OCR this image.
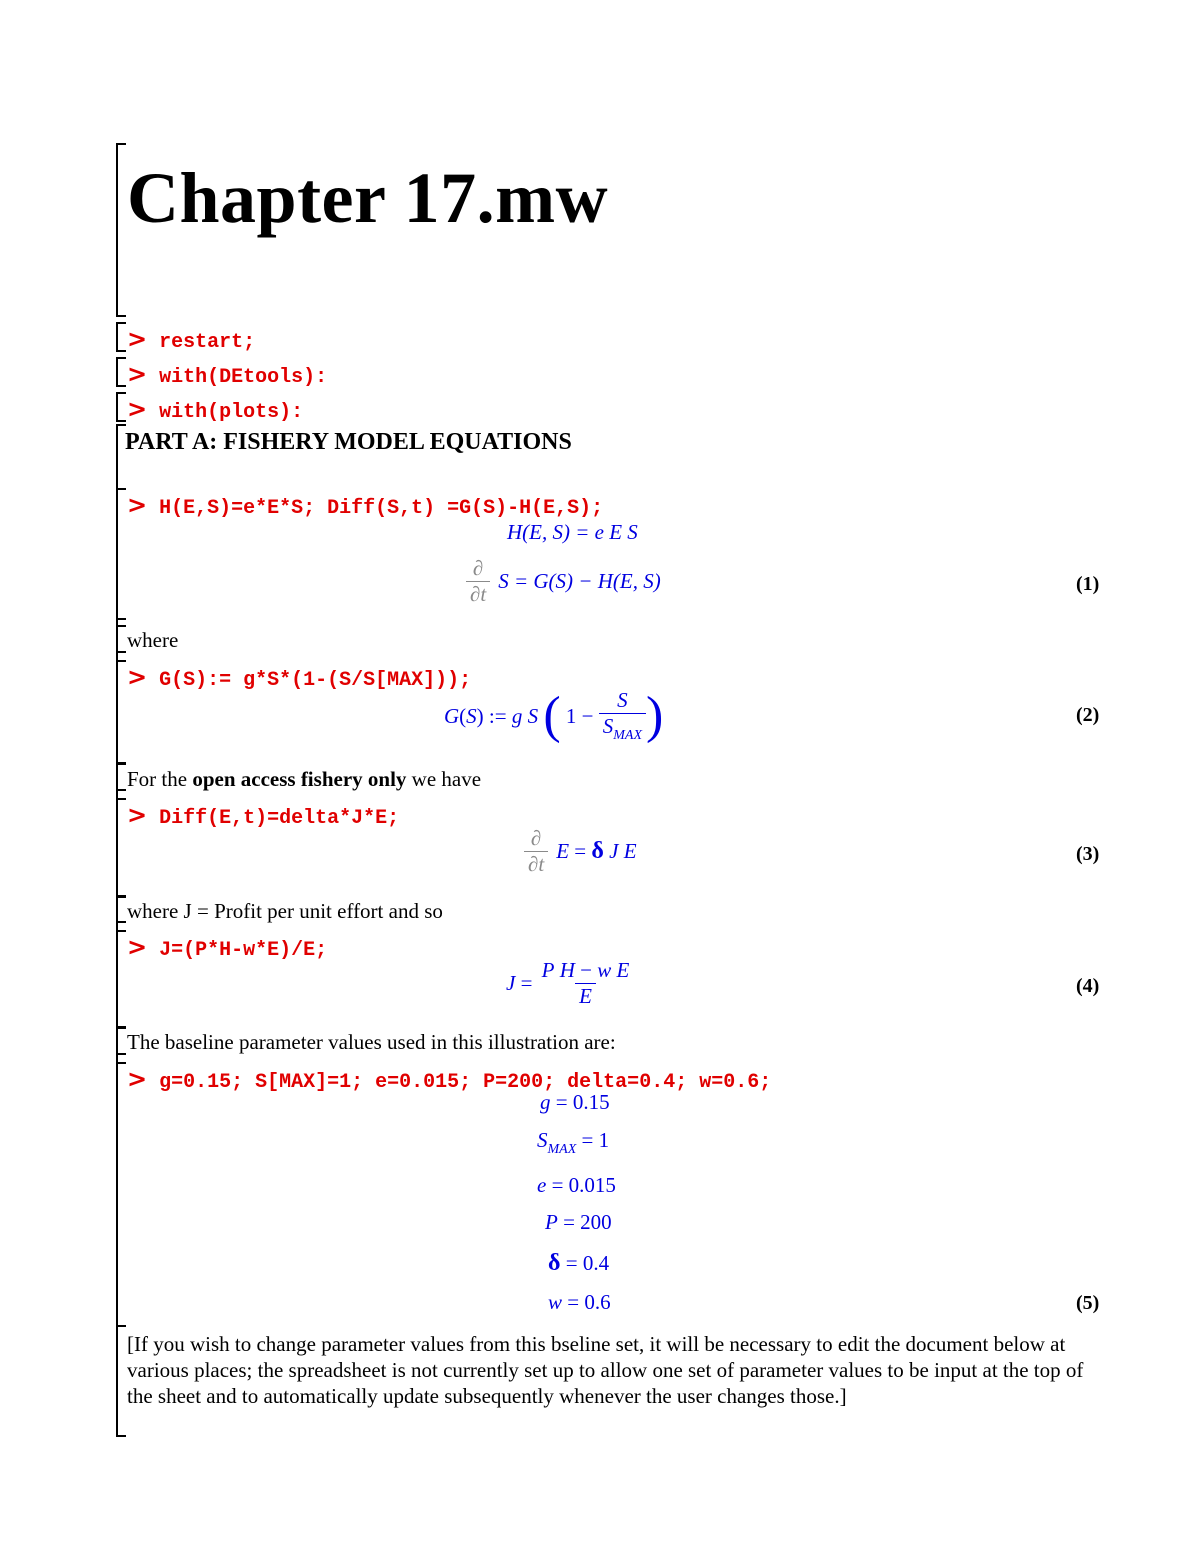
Chapter 17.mw
> restart;
> with(DEtools):
> with(plots):
PART A: FISHERY MODEL EQUATIONS
> H(E,S)=e*E*S; Diff(S,t) =G(S)-H(E,S);
H(E, S) = e E S
$\frac{\partial}{\partial t}$ S = G(S) − H(E, S)	(1)
where
> G(S):= g*S*(1-(S/S[MAX]));
G ( S ) := g
S
( $1 - \frac{S}{S_{MAX}}$ )	(2)
For the open access fishery only we have
> Diff(E,t)=delta*J*E;
$\frac{\partial}{\partial t}$ E = δ
J
E	(3)
where J = Profit per unit effort and so
> J=(P*H-w*E)/E;
$J = \frac{\text{P H − w E}}{E}$	(4)
The baseline parameter values used in this illustration are:
> g=0.15; S[MAX]=1; e=0.015; P=200; delta=0.4; w=0.6;
g = 0.15
$S_{MAX} = 1$
e = 0.015
P = 200
δ = 0.4
w = 0.6	(5)
[If you wish to change parameter values from this bseline set, it will be necessary to edit the document below at various places; the spreadsheet is not currently set up to allow one set of parameter values to be input at the top of the sheet and to automatically update subsequently whenever the user changes those.]
